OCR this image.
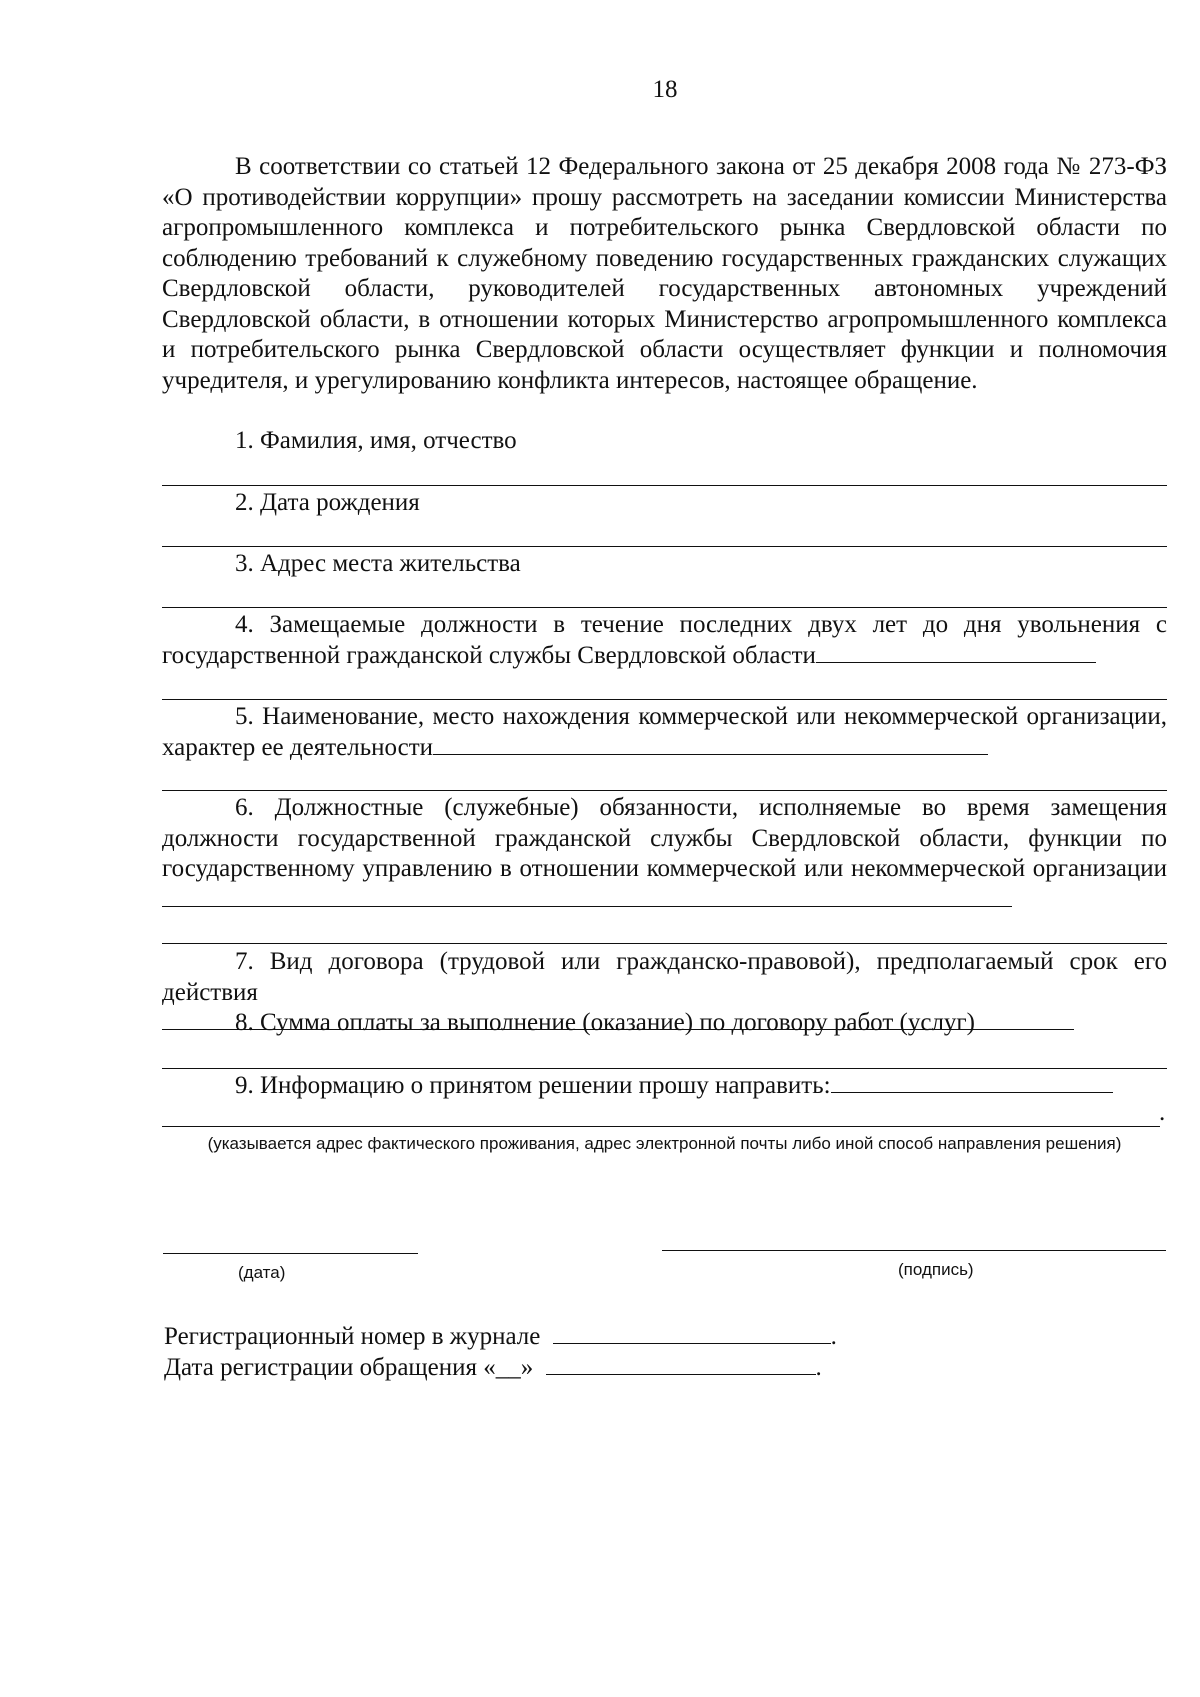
18
В соответствии со статьей 12 Федерального закона от 25 декабря 2008 года № 273-ФЗ «О противодействии коррупции» прошу рассмотреть на заседании комиссии Министерства агропромышленного комплекса и потребительского рынка Свердловской области по соблюдению требований к служебному поведению государственных гражданских служащих Свердловской области, руководителей государственных автономных учреждений Свердловской области, в отношении которых Министерство агропромышленного комплекса и потребительского рынка Свердловской области осуществляет функции и полномочия учредителя, и урегулированию конфликта интересов, настоящее обращение.
1. Фамилия, имя, отчество
2. Дата рождения
3. Адрес места жительства
4. Замещаемые должности в течение последних двух лет до дня увольнения с государственной гражданской службы Свердловской области
5. Наименование, место нахождения коммерческой или некоммерческой организации, характер ее деятельности
6. Должностные (служебные) обязанности, исполняемые во время замещения должности государственной гражданской службы Свердловской области, функции по государственному управлению в отношении коммерческой или некоммерческой организации
7. Вид договора (трудовой или гражданско-правовой), предполагаемый срок его действия
8. Сумма оплаты за выполнение (оказание) по договору работ (услуг)
9. Информацию о принятом решении прошу направить:
.
(указывается адрес фактического проживания, адрес электронной почты либо иной способ направления решения)
(дата)	(подпись)
Регистрационный номер в журнале	.
Дата регистрации обращения «__»	.
